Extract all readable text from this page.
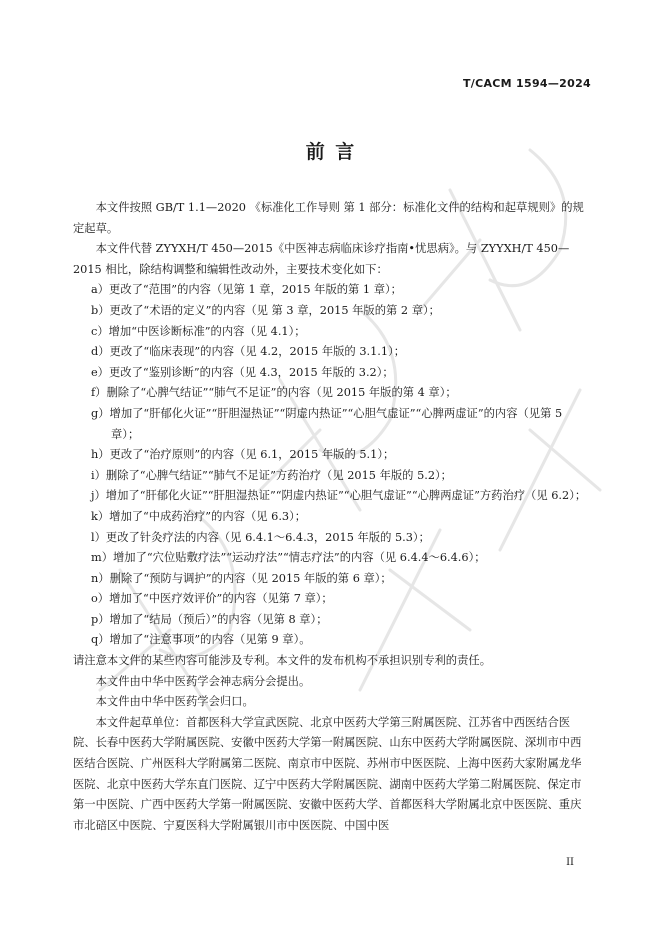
T/CACM 1594—2024
前 言

本文件按照 GB/T 1.1—2020 《标准化工作导则 第 1 部分：标准化文件的结构和起草规则》的规定起草。

本文件代替 ZYYXH/T 450—2015《中医神志病临床诊疗指南•忧思病》。与 ZYYXH/T 450—2015 相比，除结构调整和编辑性改动外，主要技术变化如下：

a）更改了“范围”的内容（见第 1 章，2015 年版的第 1 章）；

b）更改了“术语的定义”的内容（见 第 3 章，2015 年版的第 2 章）；

c）增加“中医诊断标准”的内容（见 4.1）；

d）更改了“临床表现”的内容（见 4.2，2015 年版的 3.1.1）；

e）更改了“鉴别诊断”的内容（见 4.3，2015 年版的 3.2）；

f）删除了“心脾气结证”“肺气不足证”的内容（见 2015 年版的第 4 章）；

g）增加了“肝郁化火证”“肝胆湿热证”“阴虚内热证”“心胆气虚证”“心脾两虚证”的内容（见第 5 章）；

h）更改了“治疗原则”的内容（见 6.1，2015 年版的 5.1）；

i）删除了“心脾气结证”“肺气不足证”方药治疗（见 2015 年版的 5.2）；

j）增加了“肝郁化火证”“肝胆湿热证”“阴虚内热证”“心胆气虚证”“心脾两虚证”方药治疗（见 6.2）；

k）增加了“中成药治疗”的内容（见 6.3）；

l）更改了针灸疗法的内容（见 6.4.1～6.4.3，2015 年版的 5.3）；

m）增加了“穴位贴敷疗法”“运动疗法”“情志疗法”的内容（见 6.4.4～6.4.6）；

n）删除了“预防与调护”的内容（见 2015 年版的第 6 章）；

o）增加了“中医疗效评价”的内容（见第 7 章）；

p）增加了“结局（预后）”的内容（见第 8 章）；

q）增加了“注意事项”的内容（见第 9 章）。

请注意本文件的某些内容可能涉及专利。本文件的发布机构不承担识别专利的责任。

本文件由中华中医药学会神志病分会提出。

本文件由中华中医药学会归口。

本文件起草单位：首都医科大学宣武医院、北京中医药大学第三附属医院、江苏省中西医结合医院、长春中医药大学附属医院、安徽中医药大学第一附属医院、山东中医药大学附属医院、深圳市中西医结合医院、广州医科大学附属第二医院、南京市中医院、苏州市中医医院、上海中医药大家附属龙华医院、北京中医药大学东直门医院、辽宁中医药大学附属医院、湖南中医药大学第二附属医院、保定市第一中医院、广西中医药大学第一附属医院、安徽中医药大学、首都医科大学附属北京中医医院、重庆市北碚区中医院、宁夏医科大学附属银川市中医医院、中国中医

II
